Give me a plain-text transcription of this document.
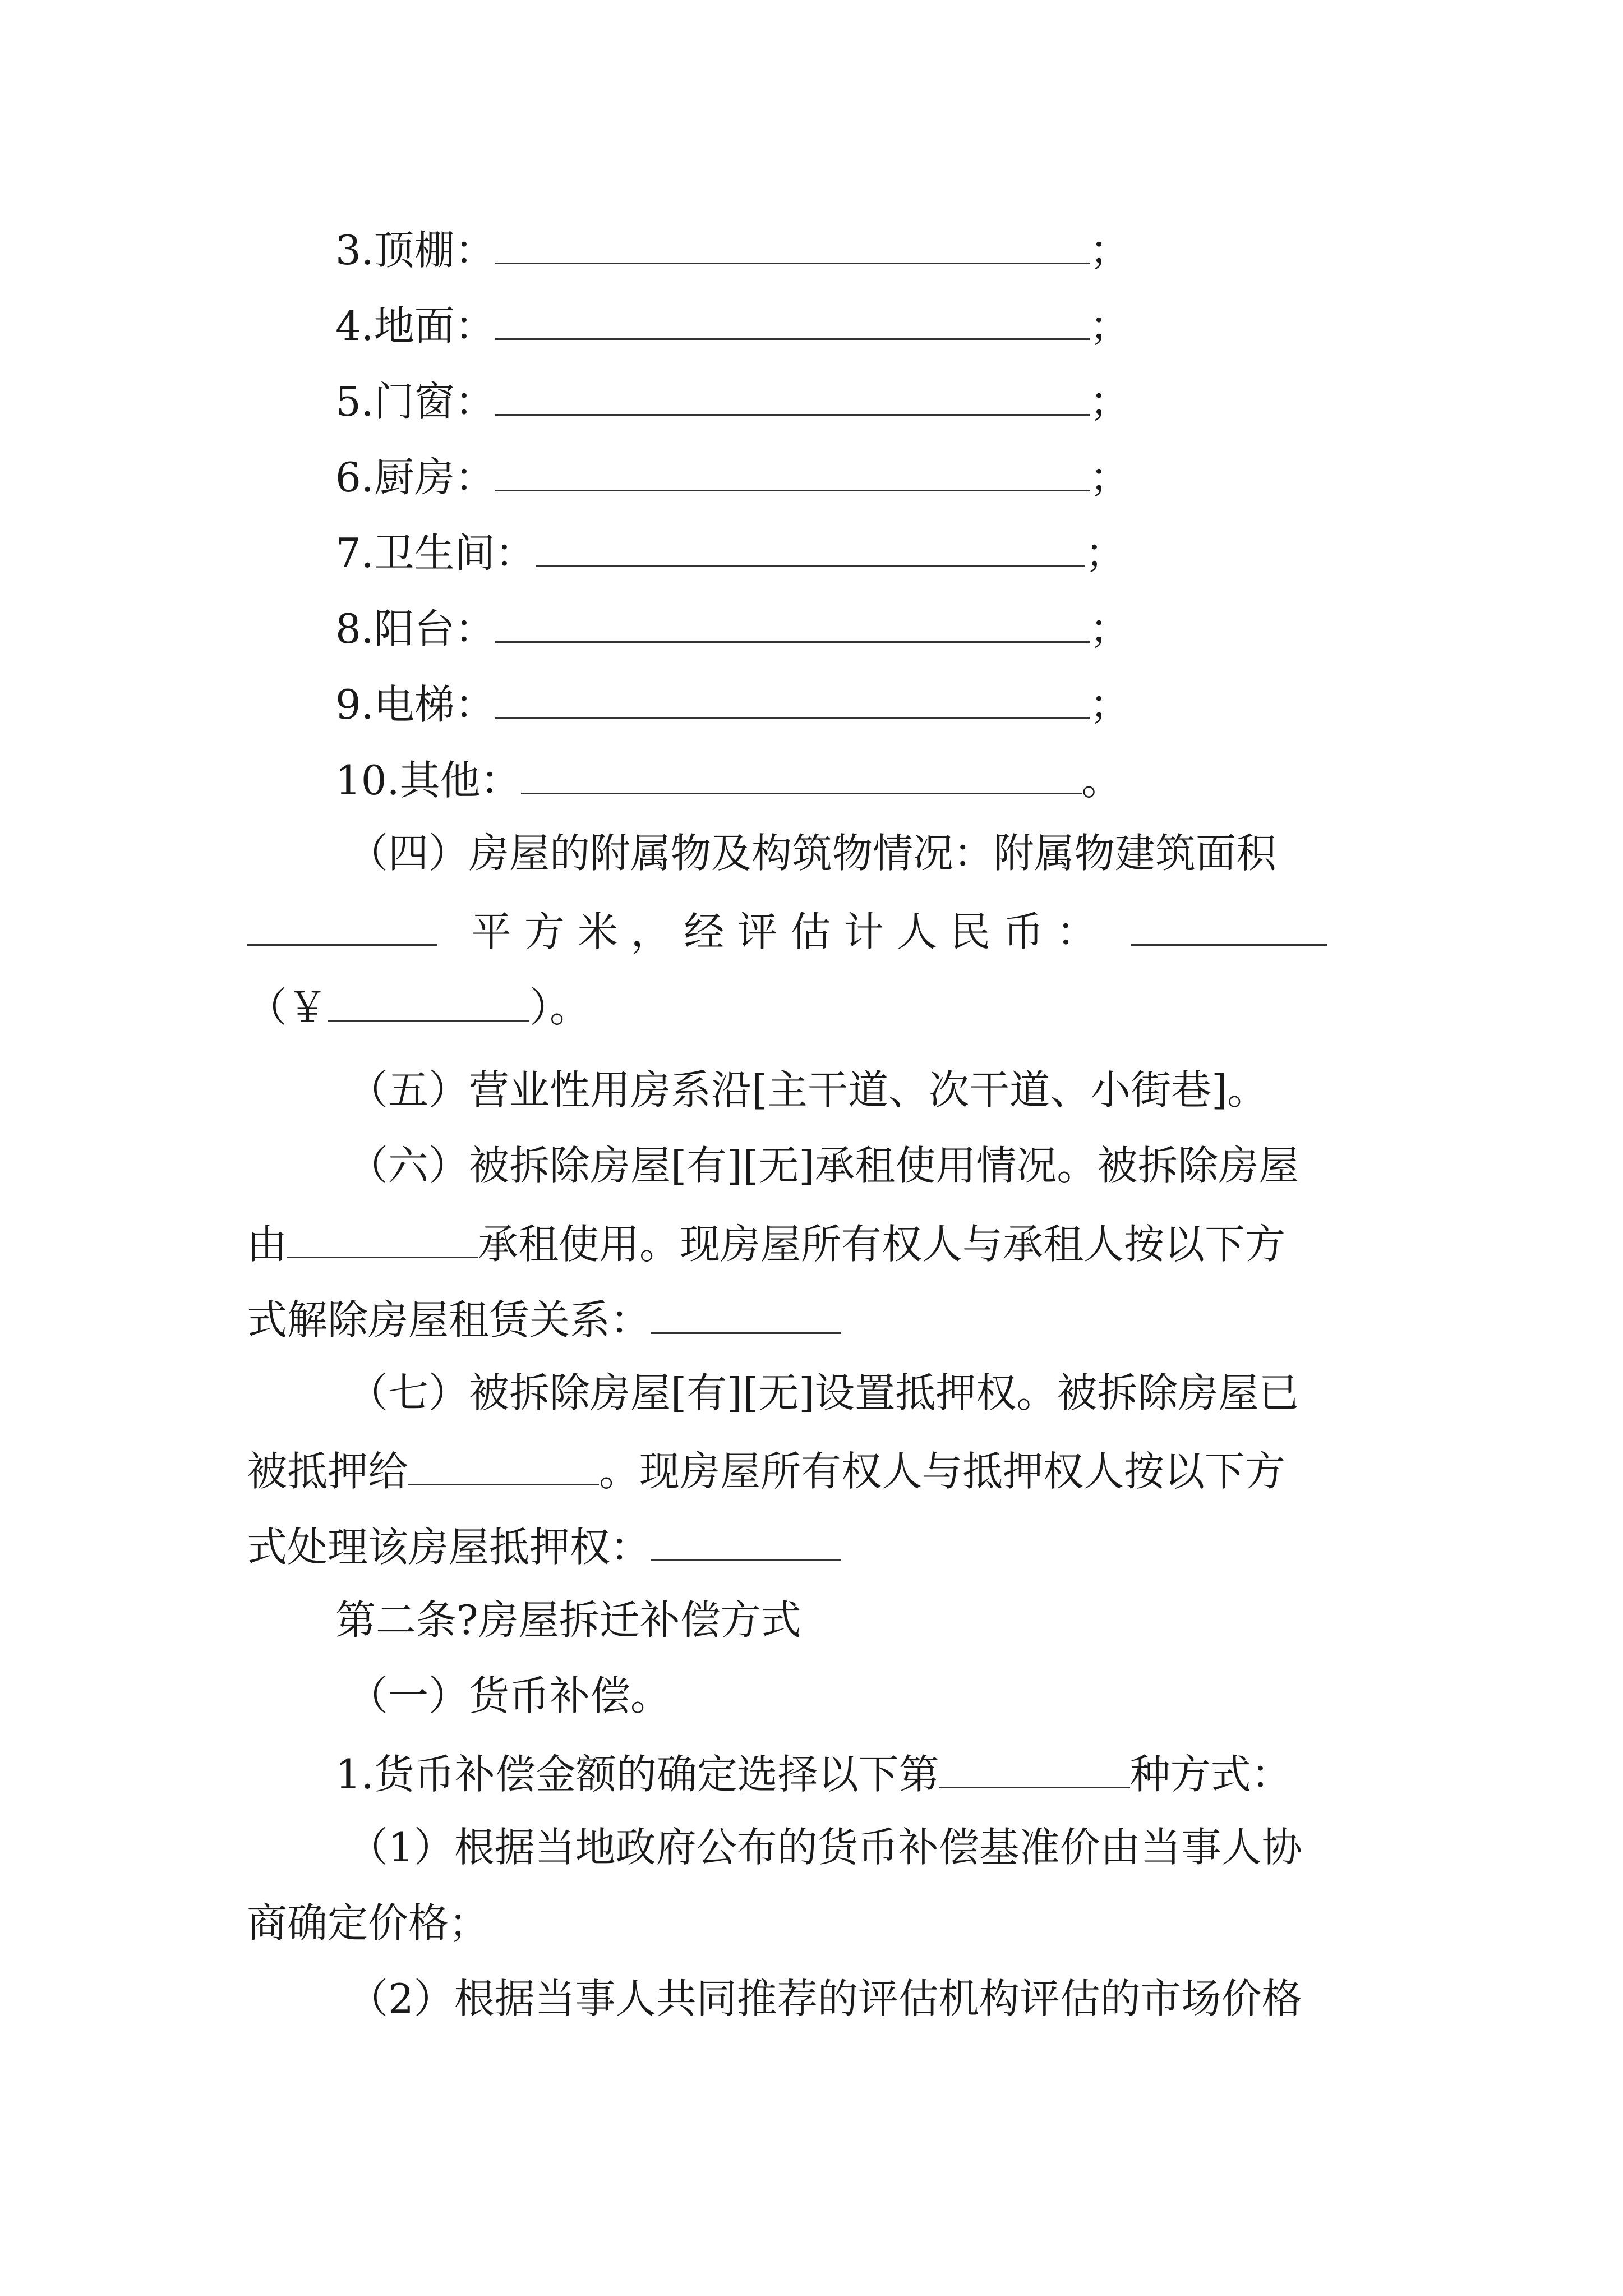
3.顶棚：	；
4.地面：	；
5.门窗：	；
6.厨房：	；
7.卫生间：	；
8.阳台：	；
9.电梯：	；
10.其他：	。
（四）房屋的附属物及构筑物情况：附属物建筑面积
平 方 米 ， 经 评 估 计 人 民 币 ：
（￥	）。
（五）营业性用房系沿[主干道、次干道、小街巷]。
（六）被拆除房屋[有][无]承租使用情况。被拆除房屋
由	承租使用。现房屋所有权人与承租人按以下方
式解除房屋租赁关系：
（七）被拆除房屋[有][无]设置抵押权。被拆除房屋已
被抵押给	。现房屋所有权人与抵押权人按以下方
式处理该房屋抵押权：
第二条?房屋拆迁补偿方式
（一）货币补偿。
1.货币补偿金额的确定选择以下第	种方式：
（1）根据当地政府公布的货币补偿基准价由当事人协
商确定价格；
（2）根据当事人共同推荐的评估机构评估的市场价格
